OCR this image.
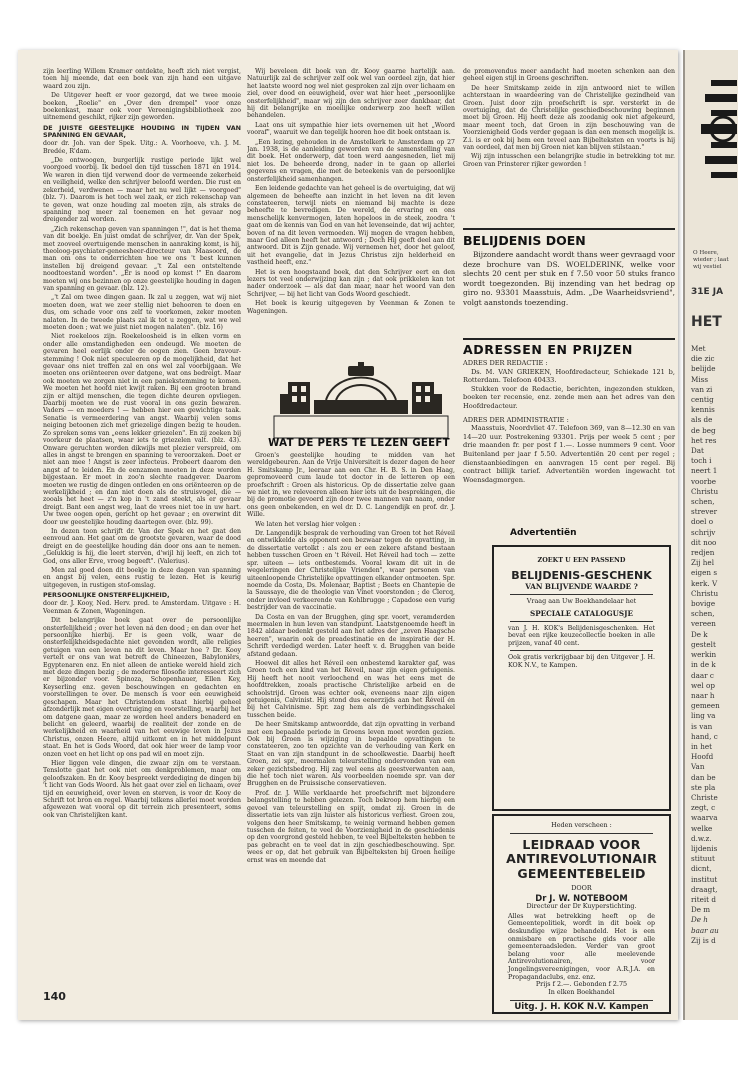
zijn leerling Willem Kramer ontdekte, heeft zich niet vergist, toen hij meende, dat een boek van zijn hand een uitgave waard zou zijn.

De Uitgever heeft er voor gezorgd, dat we twee mooie boeken, „Roelie" en „Over den drempel" voor onze boekenkast, maar ook voor Vereenigingsbibliotheek zoo uitnemend geschikt, rijker zijn geworden.

DE JUISTE GEESTELIJKE HOUDING IN TIJDEN VAN SPANNING EN GEVAAR,
door dr. Joh. van der Spek. Uitg.: A. Voorhoeve, v.h. J. M. Bredée, R'dam.

„De ontwoogen, burgerlijk rustige periode lijkt wel voorgoed voorbij. Ik bedoel den tijd tusschen 1871 en 1914. We waren in dien tijd verwend door de vermeende zekerheid en veiligheid, welke den schrijver beloofd werden. Die rust en zekerheid, verdwenen — maar het nu wel lijkt — voorgoed" (blz. 7). Daarom is het toch wel zaak, er zich rekenschap van te geven, wat onze houding zal moeten zijn, als straks de spanning nog meer zal toenemen en het gevaar nog dreigender zal worden.

„Zich rekenschap geven van spanningen !", dat is het thema van dit boekje. En juist omdat de schrijver, dr. Van der Spek, met zooveel overtuigende menschen in aanraking komt, is hij, theoloog-psychiater-geneesheer-directeur van Maasoord, de man om ons te onderrichten hoe we ons 't best kunnen instellen bij dreigend gevaar. „'t Zal een ontsteltende noodtoestand worden". „Er is nood op komst !" En daarom moeten wij ons bezinnen op onze geestelijke houding in dagen van spanning en gevaar. (blz. 12).

„'t Zal om twee dingen gaan. Ik zal u zeggen, wat wij niet moeten doen, wat we zeer stellig niet behooren te doen en dus, om schade voor ons zelf te voorkomen, zeker moeten nalaten. In de tweede plaats zal ik tot u zeggen, wat we wel moeten doen ; wat we juist niet mogen nalaten". (blz. 16)

Niet roekeloos zijn. Roekeloosheid is in elken vorm en onder alle omstandigheden een ondeugd. We moeten de gevaren heel eerlijk onder de oogen zien. Geen bravour-stemming ! Ook niet speculeeren op de mogelijkheid, dat het gevaar ons niet treffen zal en ons wel zal voorbijgaan. We moeten ons oriënteeren over datgene, wat ons bedreigt. Maar ook moeten we zorgen niet in een paniekstemming te komen. We moeten het hoofd niet kwijt raken. Bij een grooten brand zijn er altijd menschen, die tegen dichte deuren opvliegen. Daarbij moeten we de rust vooral in ons gezin bewaren. Vaders — en moeders ! — hebben hier een gewichtige taak. Senatie is vermeerdering van angst. Waarbij velen soms neiging betoonen zich met griezelige dingen bezig te houden. Zo spreken soms van „eens lekker griezelen". En zij zoeken bij voorkeur de plaatsen, waar iets te griezelen valt. (blz. 43). Onware geruchten worden dikwijls met plezier verspreid, om alles in angst te brengen en spanning te veroorzaken. Doet er niet aan mee ! Angst is zeer infecteus. Probeert daarom den angst af te leiden. En de eenzamen moeten in deze worden bijgestaan. Er moet in zoo'n slechte raadgever. Daarom moeten we rustig de dingen ontleden en ons oriënteeren op de werkelijkheid ; en dan niet doen als de struisvogel, die — zooals het heet — z'n kop in 't zand steekt, als er gevaar dreigt. Bant een angst weg, laat de vrees niet toe in uw hart. Uw twee oogen open, gericht op het gevaar ; en overwint dit door uw geestelijke houding daartegen over. (blz. 99).

In dezen toon schrijft dr. Van der Spek en het gaat den eenvoud aan. Het gaat om de grootste gevaren, waar de dood dreigt en de geestelijke houding dán door ons aan te nemen. „Gelukkig is hij, die leert sterven, d'wijl hij leeft, en zich tot God, ons aller Erve, vroeg begeeft". (Valerius).

Men zal goed doen dit boekje in deze dagen van spanning en angst bij velen, eens rustig te lezen. Het is keurig uitgegeven, in rustigen stof-omslag.

PERSOONLIJKE ONSTERFELIJKHEID,
door dr. J. Kooy, Ned. Herv. pred. te Amsterdam. Uitgave : H. Veenman & Zonen, Wageningen.

Dit belangrijke boek gaat over de persoonlijke onsterfelijkheid ; over het leven ná den dood ; en dan over het persoonlijke hierbij. Er is geen volk, waar de onsterfelijkheidsgedachte niet gevonden wordt, alle religies getuigen van een leven na dit leven. Maar hoe ? Dr. Kooy vertelt er ons van wat betreft de Chineezen, Babyloniërs, Egyptenaren enz. En niet alleen de antieke wereld hield zich met deze dingen bezig ; de moderne filosofie interesseert zich er bijzonder voor. Spinoza, Schopenhauer, Ellen Key, Keyserling enz. geven beschouwingen en gedachten en voorstellingen te over. De mensch is voor een eeuwigheid geschapen. Maar het Christendom staat hierbij geheel afzonderlijk met eigen overtuiging en voorstelling, waarbij het om datgene gaan, maar ze worden heel anders benaderd en belicht en geleerd, waarbij de realiteit der zonde en de werkelijkheid en waarheid van het eeuwige leven in Jezus Christus, onzen Heere, altijd uitkomt en in het middelpunt staat. En het is Gods Woord, dat ook hier weer de lamp voor onzen voet en het licht op ons pad wil en moet zijn.

Hier liggen vele dingen, die zwaar zijn om te verstaan. Tenslotte gaat het ook niet om denkproblemen, maar om geloofszaken. En dr. Kooy bespreekt verdediging de dingen bij 't licht van Gods Woord. Als het gaat over ziel en lichaam, over tijd en eeuwigheid, over leven en sterven, is voor dr. Kooy de Schrift tot bron en regel. Waarbij telkens allerlei moet worden afgewezen wat vooral op dit terrein zich presenteert, soms ook van Christelijken kant.

140

Wij beveleen dit boek van dr. Kooy gaarne hartelijk aan. Natuurlijk zal de schrijver zelf ook wel van oordeel zijn, dat hier het laatste woord nog wel niet gesproken zal zijn over lichaam en ziel, over dood en eeuwigheid, over wat hier heet „persoonlijke onsterfelijkheid", maar wij zijn den schrijver zeer dankbaar, dat hij dit belangrijke en moeilijke onderwerp zoo heeft willen behandelen.

Laat ons uit sympathie hier iets overnemen uit het „Woord vooraf", waaruit we dan tegelijk hooren hoe dit boek ontstaan is.

„Een lezing, gehouden in de Amstelkerk te Amsterdam op 27 Jan. 1938, is de aanleiding geworden van de samenstelling van dit boek. Het onderwerp, dat toen werd aangesneden, liet mij niet los. De beheerde drong, nader in te gaan op allerlei gegevens en vragen, die met de beteekenis van de persoonlijke onsterfelijkheid samenhangen.

Een leidende gedachte van het geheel is de overtuiging, dat wij algemeen de beheefte aan inzicht in het leven na dit leven constateeren, terwijl niets en niemand bij machte is deze beheefte te bevredigen. De wereld, de ervaring en ons menschelijk kenvermogen, laten hopeloos in de steek, zoodra 't gaat om de kennis van God en van het levenseinde, dat wij achter, boven of na dit leven vermoeden. Wij mogen de vragen hebben, maar God alleen heeft het antwoord ; Doch Hij geeft deel aan dit antwoord. Dit is Zijn genade. Wij vernemen het, door het geloof, uit het evangelie, dat in Jezus Christus zijn helderheid en vastheid heeft, enz."

Het is een hoogstaand boek, dat den Schrijver eert en den lezers tot veel onderwijzing kan zijn ; dat ook prikkelen kan tot nader onderzoek — als dat dan maar, naar het woord van den Schrijver, — bij het licht van Gods Woord geschiedt.

Het boek is keurig uitgegeven by Veenman & Zonen te Wageningen.

WAT DE PERS TE LEZEN GEEFT

Groen's geestelijke houding te midden van het wereldgebeuren. Aan de Vrije Universiteit is dezer dagen de heer H. Smitskamp Jr., leeraar aan een Chr. H. B. S. in Den Haag, gepromoveerd cum laude tot doctor in de letteren op een proefschrift : Groen als historicus. Op de dissertatie zelve gaan we niet in, we releveeren alleen hier iets uit de besprekingen, die bij de promotie gevoerd zijn door twee mannen van naam, onder ons geen onbekenden, en wel dr. D. C. Langendijk en prof. dr. J. Wille.

We laten het verslag hier volgen :

Dr. Langendijk besprak de verhouding van Groen tot het Réveil en ontwikkelde als opponent een bezwaar tegen de opvatting, in de dissertatie vertolkt : als zou er een zekere afstand bestaan hebben tusschen Groen en 't Réveil. Het Réveil had toch — zette spr. uiteen — iets ontbestemds. Vooral kwam dit uit in de wegeleringen der Christelijke Vrienden", waar personen van uiteenloopende Christelijke opvattingen elkander ontmoeten. Spr. noemde da Costa, Ds. Molenaar, Baptist ; Beets en Chantepie de la Saussaye, die de theologie van Vinet voorstonden ; de Clercq, onder invloed verkeerende van Kohlbrugge ; Capadose een vurig bestrijder van de vaccinatie.

Da Costa en van der Brugghen, ging spr. voort, veramderden meermalen in hun leven van standpunt. Laatstgenoemde heeft in 1842 aldaar bedenkt gesteld aan het adres der „zeven Haagsche heeren", waarin ook de preadestinatie en de inspiratie der H. Schrift verdedigd werden. Later heeft v. d. Brugghen van beide afstand gedaan.

Hoewel dit alles het Réveil een onbestemd karakter gaf, was Groen toch een kind van het Réveil, naar zijn eigen getuigenis. Hij heeft het nooit verloochend en was het eens met de hoofdtrekken, zooals practische Christelijke arbeid en de schoolstrijd. Groen was echter ook, eveneens naar zijn eigen getuigenis, Calvinist. Hij stond dus eenerzijds aan het Réveil én bij het Calvinisme. Spr. zag hem als de verbindingsschakel tusschen beide.

De heer Smitskamp antwoordde, dat zijn opvatting in verband met een bepaalde periode in Groens leven moet worden gezien. Ook bij Groen is wijziging in bepaalde opvattingen te constateeren, zoo ten opzichte van de verhouding van Kerk en Staat en van zijn standpunt in de schoolkwestie. Daarbij heeft Groen, zei spr., meermalen teleurstelling ondervonden van een zeker gezichtsbedrog. Hij zag wel eens als geestverwanten aan, die het toch niet waren. Als voorbeelden noemde spr. van der Brugghen en de Pruissische conservatieven.

Prof. dr. J. Wille verklaarde het proefschrift met bijzondere belangstelling te hebben gelezen. Toch bekroop hem hierbij een gevoel van teleurstelling en spijt, omdat zij. Groen in de dissertatie iets van zijn luister als historicus verliest. Groen zou, volgens den heer Smitskamp, te weinig vermand hebben gemen tusschen de feiten, te veel de Voorzienigheid in de geschiedenis op den voorgrond gesteld hebben, te veel Bijbelteksten hebben te pas gebracht en te veel dat in zijn geschiedbeschouwing. Spr. wees er op, dat het gebruik van Bijbelteksten bij Groen heilige ernst was en meende dat

de promovendus meer aandacht had moeten schenken aan den geheel eigen stijl in Groens geschriften.

De heer Smitskamp zeide in zijn antwoord niet te willen achterstaan in waardeering van de Christelijke gezindheid van Groen. Juist door zijn proefschrift is spr. versterkt in de overtuiging, dat de Christelijke geschiedbeschouwing beginnen moet bij Groen. Hij heeft deze als zoodanig ook niet afgekeurd, maar meent toch, dat Groen in zijn beschouwing van de Voorzienigheid Gods verder gegaan is dan een mensch mogelijk is. Z.i. is er ook bij hem een teveel aan Bijbelteksten en voorts is hij van oordeel, dat men bij Groen niet kan blijven stilstaan."

Wij zijn intusschen een belangrijke studie in betrekking tot mr. Groen van Prinsterer rijker geworden !

BELIJDENIS DOEN

Bijzondere aandacht wordt thans weer gevraagd voor deze brochure van DS. WOELDERINK, welke voor slechts 20 cent per stuk en f 7.50 voor 50 stuks franco wordt toegezonden. Bij inzending van het bedrag op giro no. 93301 Maasstuis, Adm. „De Waarheidsvriend", volgt aanstonds toezending.

ADRESSEN EN PRIJZEN

ADRES DER REDACTIE :

Ds. M. VAN GRIEKEN, Hoofdredacteur, Schiekade 121 b, Rotterdam. Telefoon 40433.

Stukken voor de Redactie, berichten, ingezonden stukken, boeken ter recensie, enz. zende men aan het adres van den Hoofdredacteur.

ADRES DER ADMINISTRATIE :

Maasstuis, Noordvliet 47. Telefoon 369, van 8—12.30 en van 14—20 uur. Postrekening 93301. Prijs per week 5 cent ; per drie maanden fr. per post f 1.—. Losse nummers 9 cent. Voor Buitenland per jaar f 5.50. Advertentiën 20 cent per regel ; dienstaanbiedingen en aanvragen 15 cent per regel. Bij contract billijk tarief. Advertentiën worden ingewacht tot Woensdagmorgen.

Advertentiën
ZOEKT U EEN PASSEND
BELIJDENIS-GESCHENK
VAN BLIJVENDE WAARDE ?
Vraag aan Uw Boekhandelaar het
SPECIALE CATALOGUSJE
van J. H. KOK's Belijdenisgeschenken. Het bevat een rijke keuzecollectie boeken in alle prijzen, vanaf 40 cent.
Ook gratis verkrijgbaar bij den Uitgever J. H. KOK N.V., te Kampen.
Heden verscheen :
LEIDRAAD VOOR ANTIREVOLUTIONAIR GEMEENTEBELEID
DOOR
Dr J. W. NOTEBOOM
Directeur der Dr Kuyperstichting.
Alles wat betrekking heeft op de Gemeentepolitiek, wordt in dit boek op deskundige wijze behandeld. Het is een onmisbare en practische gids voor alle gemeenteraadsleden. Verder van groot belang voor alle meelevende Antirevolutionairen, voor Jongelingsvereenigingen, voor A.R.J.A. en Propagandaclubs, enz. enz.
Prijs f 2.—. Gebonden f 2.75
In elken Boekhandel
Uitg. J. H. KOK N.V. Kampen
O Heere,
wieder ; laat
wij vestiel
31E JA
HET
Met
die zic
belijde
Miss
van zi
centig
kennis
als de
de beg
het res
Dat
toch i
neert 1
voorbe
Christu
schen,
strever
doel o
schrijv
dit noo
redjen
Zij hel
eigen s
kerk. V
Christu
bovige
schen,
vereen
De k
gestelt
werkin
in de k
daar c
wel op
naar h
gemeen
ling va
is van
hand, c
in het
Hoofd
Van
dan be
ste pla
Christe
zegt, c
waarva
welke
d.w.z.
lijdenis
stituut
dicnt,
institut
draagt,
riteit d
De m
De h
baar au
Zij is d
